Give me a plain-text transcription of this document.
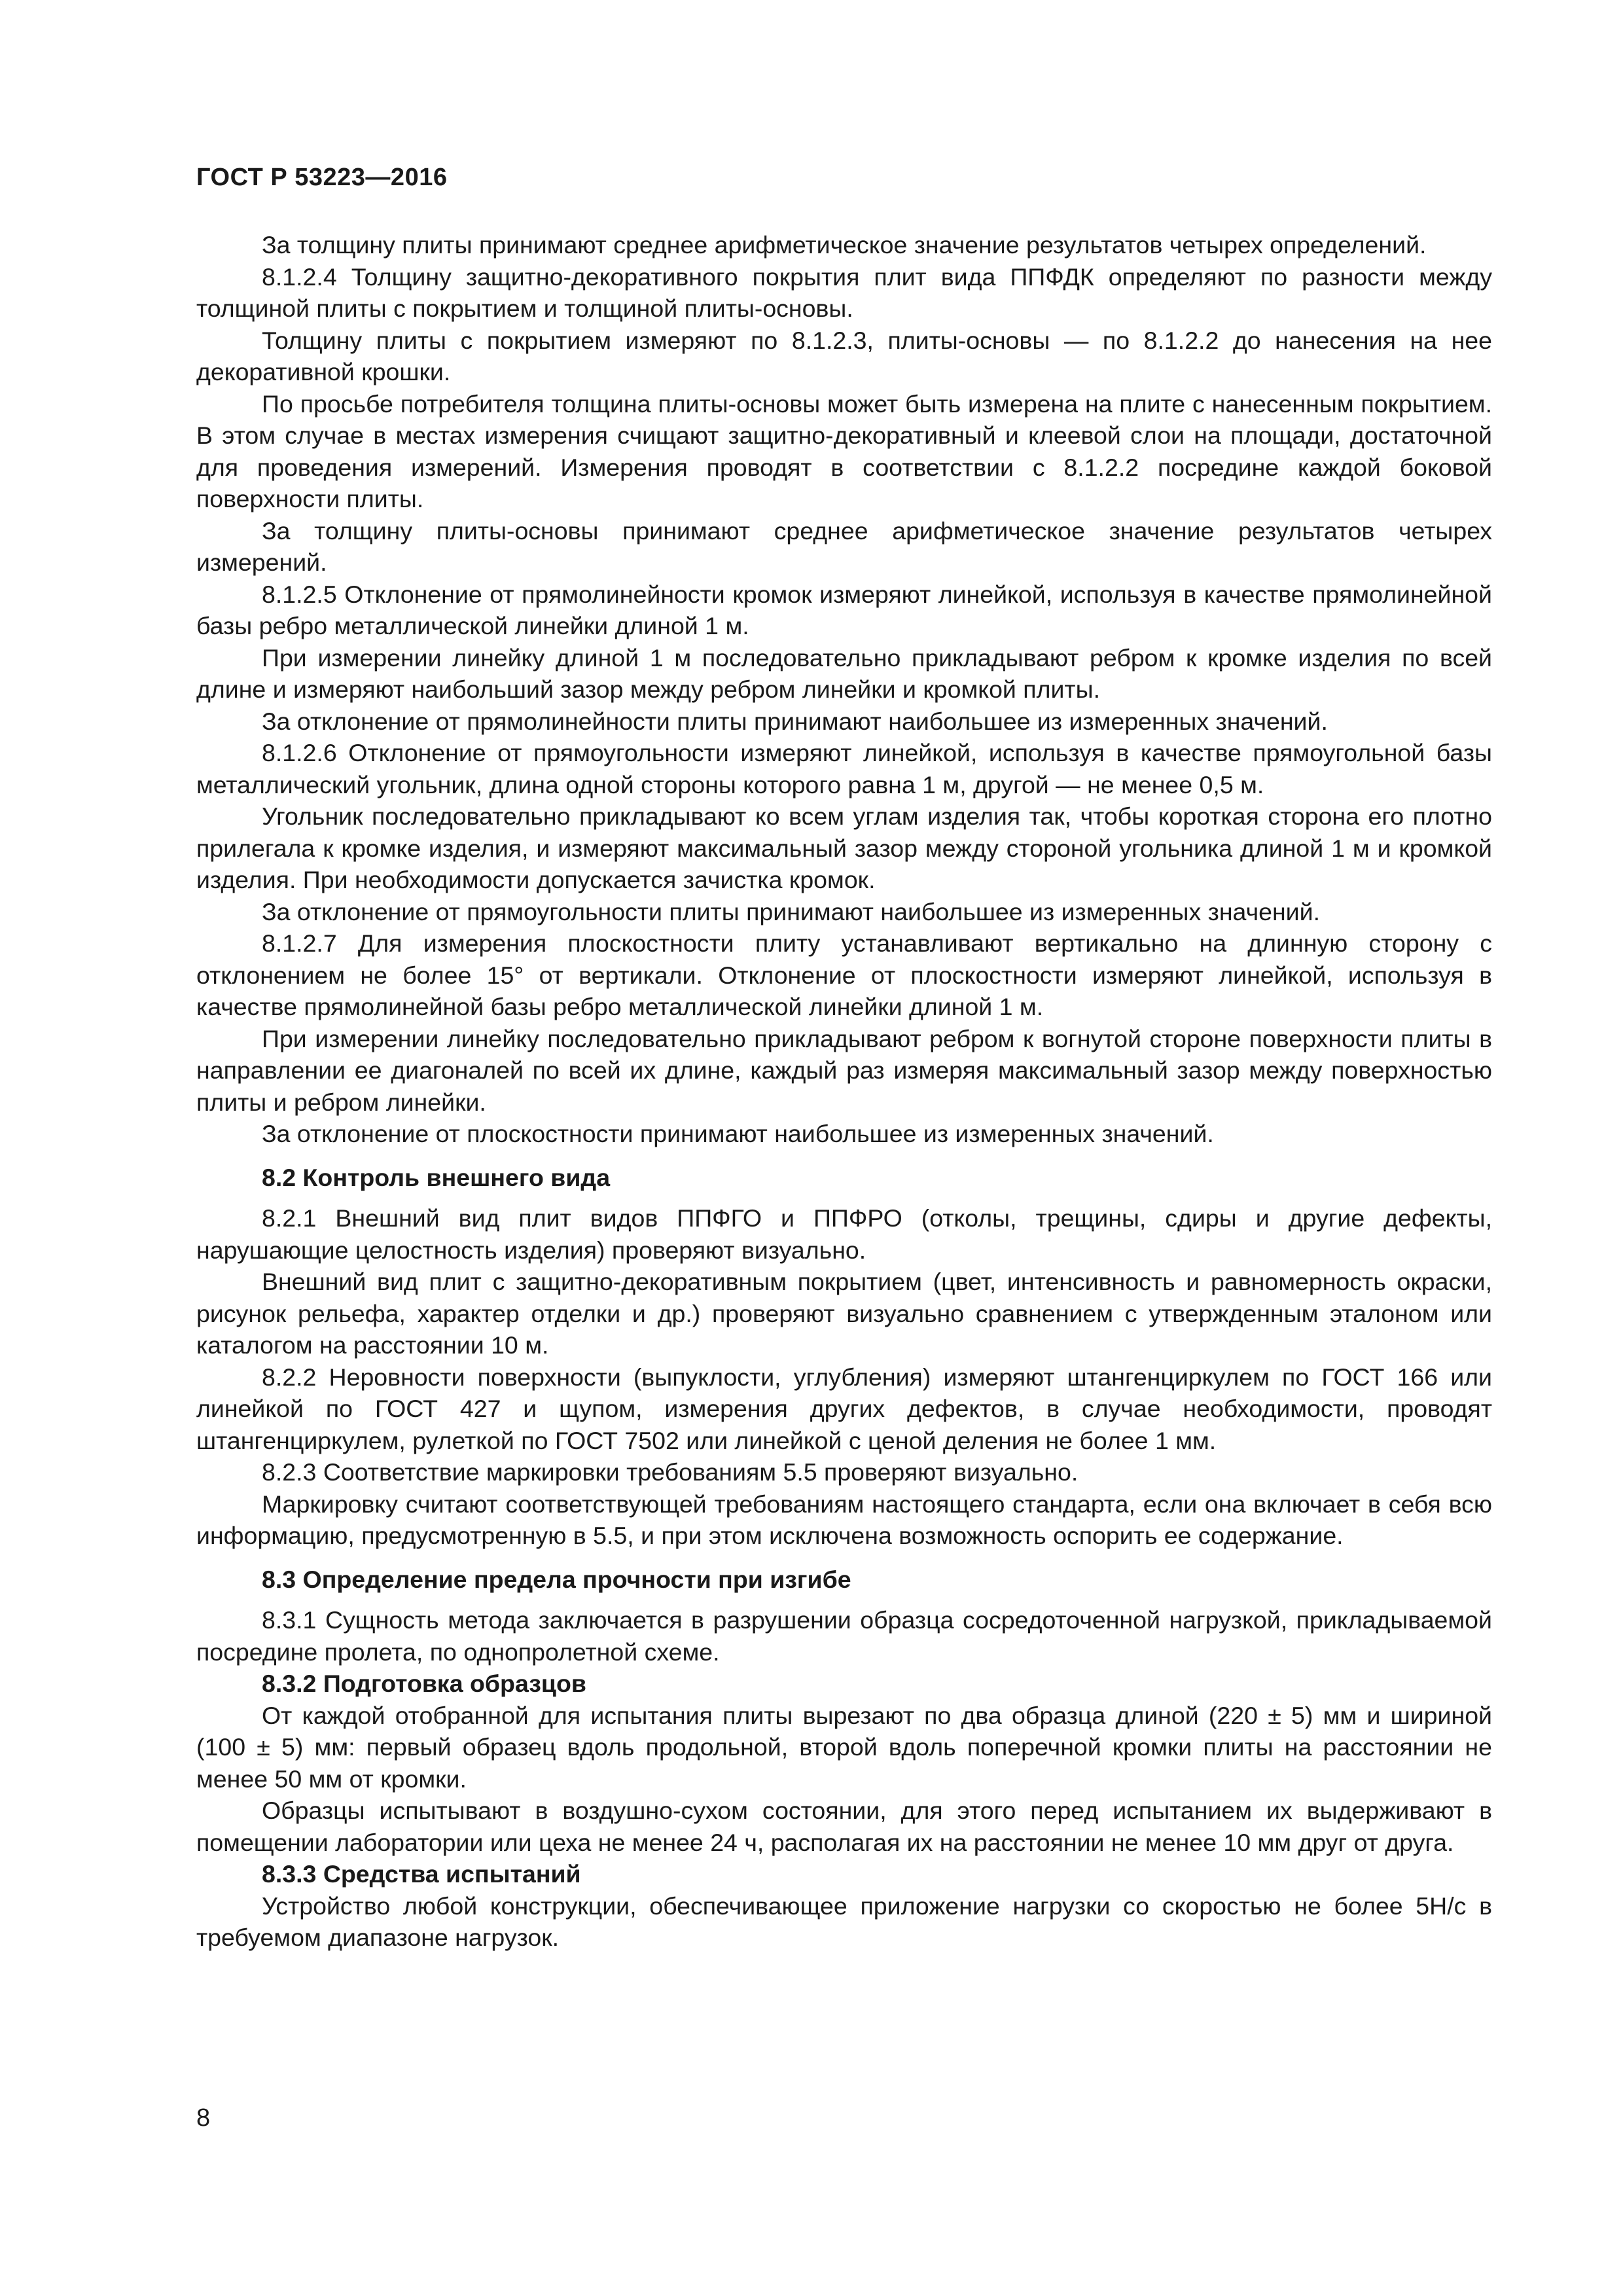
ГОСТ Р 53223—2016

За толщину плиты принимают среднее арифметическое значение результатов четырех определений.

8.1.2.4 Толщину защитно-декоративного покрытия плит вида ППФДК определяют по разности между толщиной плиты с покрытием и толщиной плиты-основы.

Толщину плиты с покрытием измеряют по 8.1.2.3, плиты-основы — по 8.1.2.2 до нанесения на нее декоративной крошки.

По просьбе потребителя толщина плиты-основы может быть измерена на плите с нанесенным покрытием. В этом случае в местах измерения счищают защитно-декоративный и клеевой слои на площади, достаточной для проведения измерений. Измерения проводят в соответствии с 8.1.2.2 посредине каждой боковой поверхности плиты.

За толщину плиты-основы принимают среднее арифметическое значение результатов четырех измерений.

8.1.2.5 Отклонение от прямолинейности кромок измеряют линейкой, используя в качестве прямолинейной базы ребро металлической линейки длиной 1 м.

При измерении линейку длиной 1 м последовательно прикладывают ребром к кромке изделия по всей длине и измеряют наибольший зазор между ребром линейки и кромкой плиты.

За отклонение от прямолинейности плиты принимают наибольшее из измеренных значений.

8.1.2.6 Отклонение от прямоугольности измеряют линейкой, используя в качестве прямоугольной базы металлический угольник, длина одной стороны которого равна 1 м, другой — не менее 0,5 м.

Угольник последовательно прикладывают ко всем углам изделия так, чтобы короткая сторона его плотно прилегала к кромке изделия, и измеряют максимальный зазор между стороной угольника длиной 1 м и кромкой изделия. При необходимости допускается зачистка кромок.

За отклонение от прямоугольности плиты принимают наибольшее из измеренных значений.

8.1.2.7 Для измерения плоскостности плиту устанавливают вертикально на длинную сторону с отклонением не более 15° от вертикали. Отклонение от плоскостности измеряют линейкой, используя в качестве прямолинейной базы ребро металлической линейки длиной 1 м.

При измерении линейку последовательно прикладывают ребром к вогнутой стороне поверхности плиты в направлении ее диагоналей по всей их длине, каждый раз измеряя максимальный зазор между поверхностью плиты и ребром линейки.

За отклонение от плоскостности принимают наибольшее из измеренных значений.

8.2 Контроль внешнего вида

8.2.1 Внешний вид плит видов ППФГО и ППФРО (отколы, трещины, сдиры и другие дефекты, нарушающие целостность изделия) проверяют визуально.

Внешний вид плит с защитно-декоративным покрытием (цвет, интенсивность и равномерность окраски, рисунок рельефа, характер отделки и др.) проверяют визуально сравнением с утвержденным эталоном или каталогом на расстоянии 10 м.

8.2.2 Неровности поверхности (выпуклости, углубления) измеряют штангенциркулем по ГОСТ 166 или линейкой по ГОСТ 427 и щупом, измерения других дефектов, в случае необходимости, проводят штангенциркулем, рулеткой по ГОСТ 7502 или линейкой с ценой деления не более 1 мм.

8.2.3 Соответствие маркировки требованиям 5.5 проверяют визуально.

Маркировку считают соответствующей требованиям настоящего стандарта, если она включает в себя всю информацию, предусмотренную в 5.5, и при этом исключена возможность оспорить ее содержание.

8.3 Определение предела прочности при изгибе

8.3.1 Сущность метода заключается в разрушении образца сосредоточенной нагрузкой, прикладываемой посредине пролета, по однопролетной схеме.

8.3.2 Подготовка образцов

От каждой отобранной для испытания плиты вырезают по два образца длиной (220 ± 5) мм и шириной (100 ± 5) мм: первый образец вдоль продольной, второй вдоль поперечной кромки плиты на расстоянии не менее 50 мм от кромки.

Образцы испытывают в воздушно-сухом состоянии, для этого перед испытанием их выдерживают в помещении лаборатории или цеха не менее 24 ч, располагая их на расстоянии не менее 10 мм друг от друга.

8.3.3 Средства испытаний

Устройство любой конструкции, обеспечивающее приложение нагрузки со скоростью не более 5Н/с в требуемом диапазоне нагрузок.

8
